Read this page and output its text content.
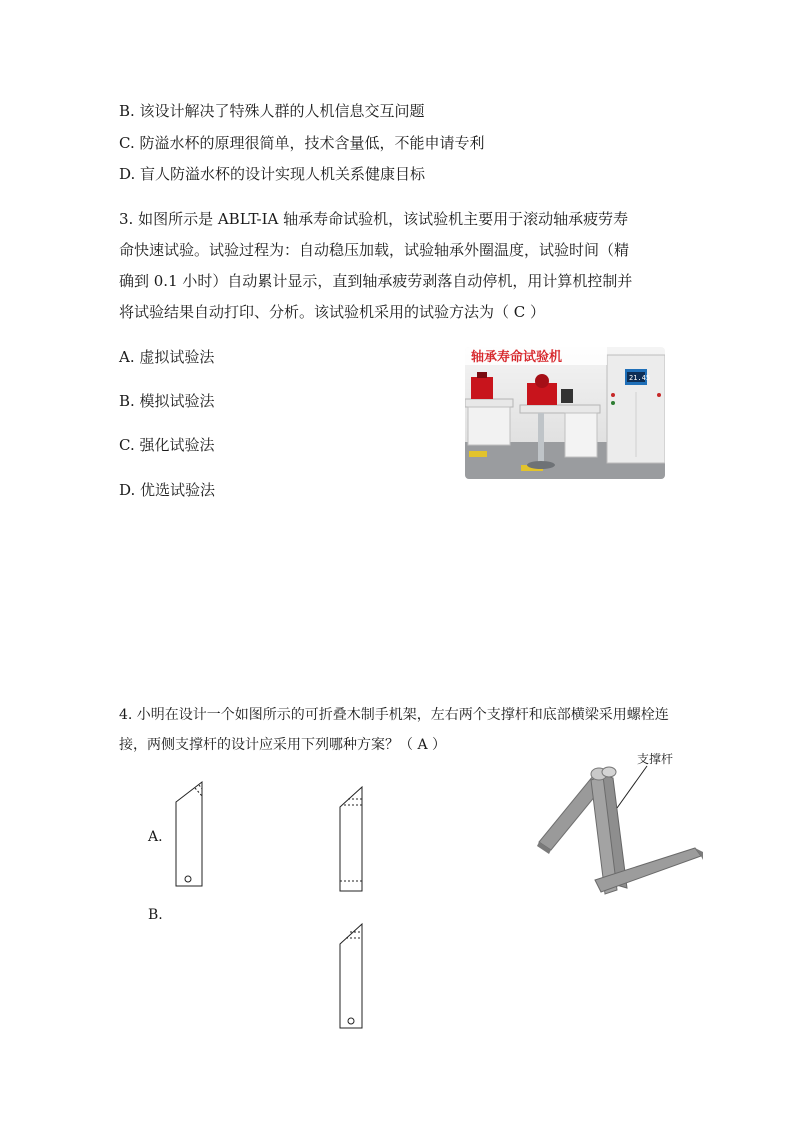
B. 该设计解决了特殊人群的人机信息交互问题
C. 防溢水杯的原理很简单，技术含量低，不能申请专利
D. 盲人防溢水杯的设计实现人机关系健康目标
3. 如图所示是 ABLT-IA 轴承寿命试验机，该试验机主要用于滚动轴承疲劳寿
命快速试验。试验过程为：自动稳压加载，试验轴承外圈温度，试验时间（精
确到 0.1 小时）自动累计显示，直到轴承疲劳剥落自动停机，用计算机控制并
将试验结果自动打印、分析。该试验机采用的试验方法为（ C ）
A. 虚拟试验法
B. 模拟试验法
C. 强化试验法
D. 优选试验法
轴承寿命试验机
21.45
4. 小明在设计一个如图所示的可折叠木制手机架，左右两个支撑杆和底部横梁采用螺栓连
接，两侧支撑杆的设计应采用下列哪种方案？（ A ）
A.
B.
支撑杆
